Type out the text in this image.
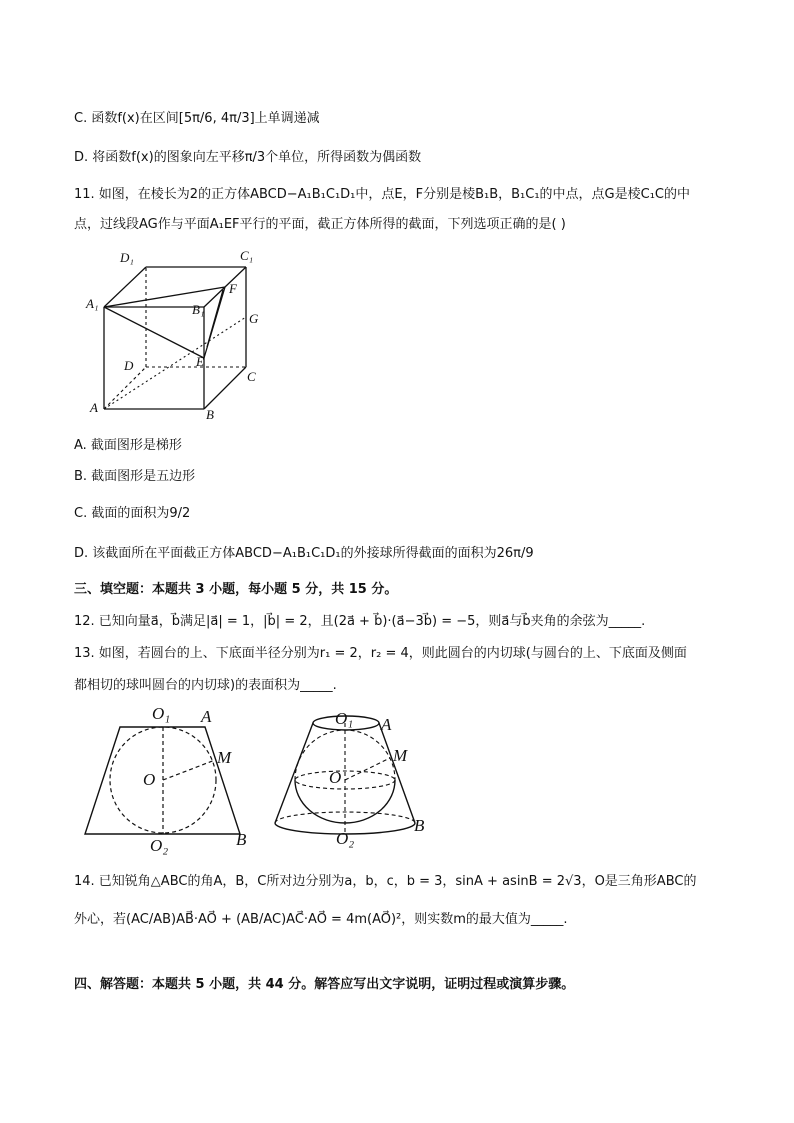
C. 函数f(x)在区间[5π/6, 4π/3]上单调递减
D. 将函数f(x)的图象向左平移π/3个单位，所得函数为偶函数
11. 如图，在棱长为2的正方体ABCD−A₁B₁C₁D₁中，点E，F分别是棱B₁B，B₁C₁的中点，点G是棱C₁C的中
点，过线段AG作与平面A₁EF平行的平面，截正方体所得的截面，下列选项正确的是( )
D₁	C₁
A₁
F
B₁
G
E
D
C
A	B
A. 截面图形是梯形
B. 截面图形是五边形
C. 截面的面积为9/2
D. 该截面所在平面截正方体ABCD−A₁B₁C₁D₁的外接球所得截面的面积为26π/9
三、填空题：本题共 3 小题，每小题 5 分，共 15 分。
12. 已知向量a⃗，b⃗满足|a⃗| = 1，|b⃗| = 2，且(2a⃗ + b⃗)·(a⃗−3b⃗) = −5，则a⃗与b⃗夹角的余弦为_____.
13. 如图，若圆台的上、下底面半径分别为r₁ = 2，r₂ = 4，则此圆台的内切球(与圆台的上、下底面及侧面
都相切的球叫圆台的内切球)的表面积为_____.
O₁ A
M
O
O₂	B
O₁ A
M
O
O₂
B
14. 已知锐角△ABC的角A，B，C所对边分别为a，b，c，b = 3，sinA + asinB = 2√3，O是三角形ABC的
外心，若(AC/AB)AB⃗·AO⃗ + (AB/AC)AC⃗·AO⃗ = 4m(AO⃗)²，则实数m的最大值为_____.
四、解答题：本题共 5 小题，共 44 分。解答应写出文字说明，证明过程或演算步骤。
